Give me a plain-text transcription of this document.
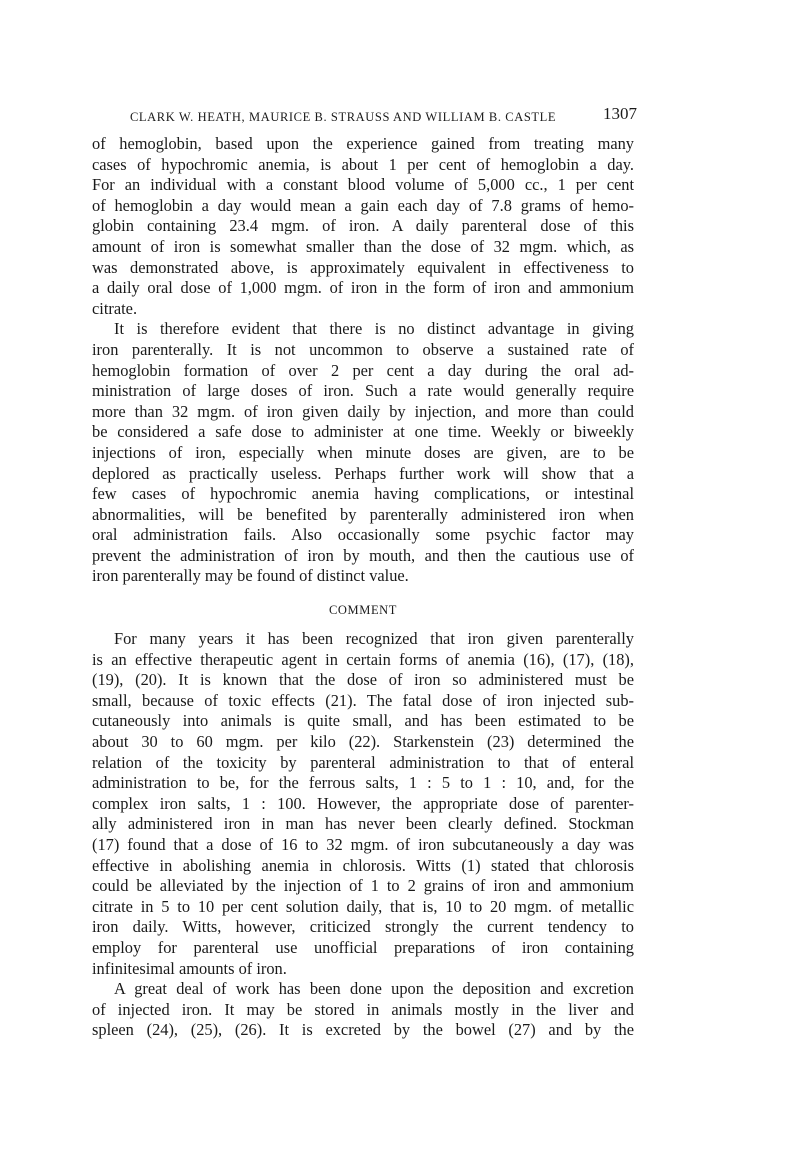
CLARK W. HEATH, MAURICE B. STRAUSS AND WILLIAM B. CASTLE	1307

of hemoglobin, based upon the experience gained from treating many
cases of hypochromic anemia, is about 1 per cent of hemoglobin a day.
For an individual with a constant blood volume of 5,000 cc., 1 per cent
of hemoglobin a day would mean a gain each day of 7.8 grams of hemo-
globin containing 23.4 mgm. of iron. A daily parenteral dose of this
amount of iron is somewhat smaller than the dose of 32 mgm. which, as
was demonstrated above, is approximately equivalent in effectiveness to
a daily oral dose of 1,000 mgm. of iron in the form of iron and ammonium
citrate.

It is therefore evident that there is no distinct advantage in giving
iron parenterally. It is not uncommon to observe a sustained rate of
hemoglobin formation of over 2 per cent a day during the oral ad-
ministration of large doses of iron. Such a rate would generally require
more than 32 mgm. of iron given daily by injection, and more than could
be considered a safe dose to administer at one time. Weekly or biweekly
injections of iron, especially when minute doses are given, are to be
deplored as practically useless. Perhaps further work will show that a
few cases of hypochromic anemia having complications, or intestinal
abnormalities, will be benefited by parenterally administered iron when
oral administration fails. Also occasionally some psychic factor may
prevent the administration of iron by mouth, and then the cautious use of
iron parenterally may be found of distinct value.

COMMENT

For many years it has been recognized that iron given parenterally
is an effective therapeutic agent in certain forms of anemia (16), (17), (18),
(19), (20). It is known that the dose of iron so administered must be
small, because of toxic effects (21). The fatal dose of iron injected sub-
cutaneously into animals is quite small, and has been estimated to be
about 30 to 60 mgm. per kilo (22). Starkenstein (23) determined the
relation of the toxicity by parenteral administration to that of enteral
administration to be, for the ferrous salts, 1 : 5 to 1 : 10, and, for the
complex iron salts, 1 : 100. However, the appropriate dose of parenter-
ally administered iron in man has never been clearly defined. Stockman
(17) found that a dose of 16 to 32 mgm. of iron subcutaneously a day was
effective in abolishing anemia in chlorosis. Witts (1) stated that chlorosis
could be alleviated by the injection of 1 to 2 grains of iron and ammonium
citrate in 5 to 10 per cent solution daily, that is, 10 to 20 mgm. of metallic
iron daily. Witts, however, criticized strongly the current tendency to
employ for parenteral use unofficial preparations of iron containing
infinitesimal amounts of iron.

A great deal of work has been done upon the deposition and excretion
of injected iron. It may be stored in animals mostly in the liver and
spleen (24), (25), (26). It is excreted by the bowel (27) and by the
